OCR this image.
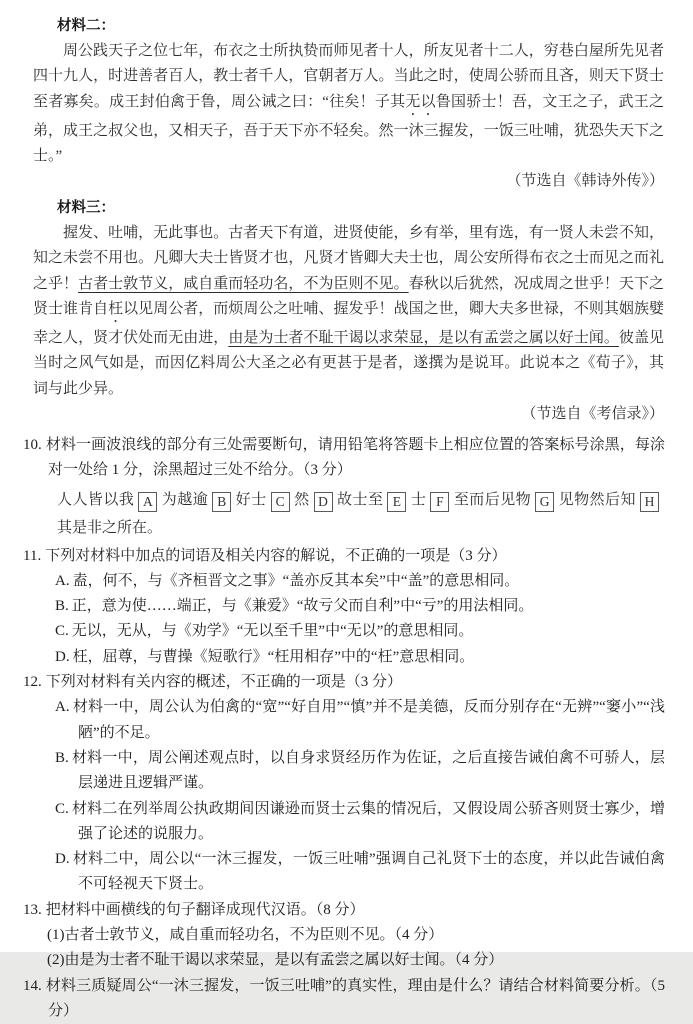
材料二：
周公践天子之位七年，布衣之士所执贽而师见者十人，所友见者十二人，穷巷白屋所先见者四十九人，时进善者百人，教士者千人，官朝者万人。当此之时，使周公骄而且吝，则天下贤士至者寡矣。成王封伯禽于鲁，周公诫之曰：“往矣！子其无以鲁国骄士！吾，文王之子，武王之弟，成王之叔父也，又相天子，吾于天下亦不轻矣。然一沐三握发，一饭三吐哺，犹恐失天下之士。”
（节选自《韩诗外传》）
材料三：
握发、吐哺，无此事也。古者天下有道，进贤使能，乡有举，里有选，有一贤人未尝不知，知之未尝不用也。凡卿大夫士皆贤才也，凡贤才皆卿大夫士也，周公安所得布衣之士而见之而礼之乎！古者士敦节义，咸自重而轻功名，不为臣则不见。春秋以后犹然，况成周之世乎！天下之贤士谁肯自枉以见周公者，而烦周公之吐哺、握发乎！战国之世，卿大夫多世禄，不则其姻族嬖幸之人，贤才伏处而无由进，由是为士者不耻干谒以求荣显，是以有孟尝之属以好士闻。彼盖见当时之风气如是，而因亿料周公大圣之必有更甚于是者，遂撰为是说耳。此说本之《荀子》，其词与此少异。
（节选自《考信录》）
10. 材料一画波浪线的部分有三处需要断句，请用铅笔将答题卡上相应位置的答案标号涂黑，每涂对一处给 1 分，涂黑超过三处不给分。（3 分）
人人皆以我 A 为越逾 B 好士 C 然 D 故士至 E 士 F 至而后见物 G 见物然后知 H其是非之所在。
11. 下列对材料中加点的词语及相关内容的解说，不正确的一项是（3 分）
A. 盍，何不，与《齐桓晋文之事》“盖亦反其本矣”中“盖”的意思相同。
B. 正，意为使……端正，与《兼爱》“故亏父而自利”中“亏”的用法相同。
C. 无以，无从，与《劝学》“无以至千里”中“无以”的意思相同。
D. 枉，屈尊，与曹操《短歌行》“枉用相存”中的“枉”意思相同。
12. 下列对材料有关内容的概述，不正确的一项是（3 分）
A. 材料一中，周公认为伯禽的“宽”“好自用”“慎”并不是美德，反而分别存在“无辨”“窭小”“浅陋”的不足。
B. 材料一中，周公阐述观点时，以自身求贤经历作为佐证，之后直接告诫伯禽不可骄人，层层递进且逻辑严谨。
C. 材料二在列举周公执政期间因谦逊而贤士云集的情况后，又假设周公骄吝则贤士寡少，增强了论述的说服力。
D. 材料二中，周公以“一沐三握发，一饭三吐哺”强调自己礼贤下士的态度，并以此告诫伯禽不可轻视天下贤士。
13. 把材料中画横线的句子翻译成现代汉语。（8 分）
(1)古者士敦节义，咸自重而轻功名，不为臣则不见。（4 分）
(2)由是为士者不耻干谒以求荣显，是以有孟尝之属以好士闻。（4 分）
14. 材料三质疑周公“一沐三握发，一饭三吐哺”的真实性，理由是什么？请结合材料简要分析。（5 分）
